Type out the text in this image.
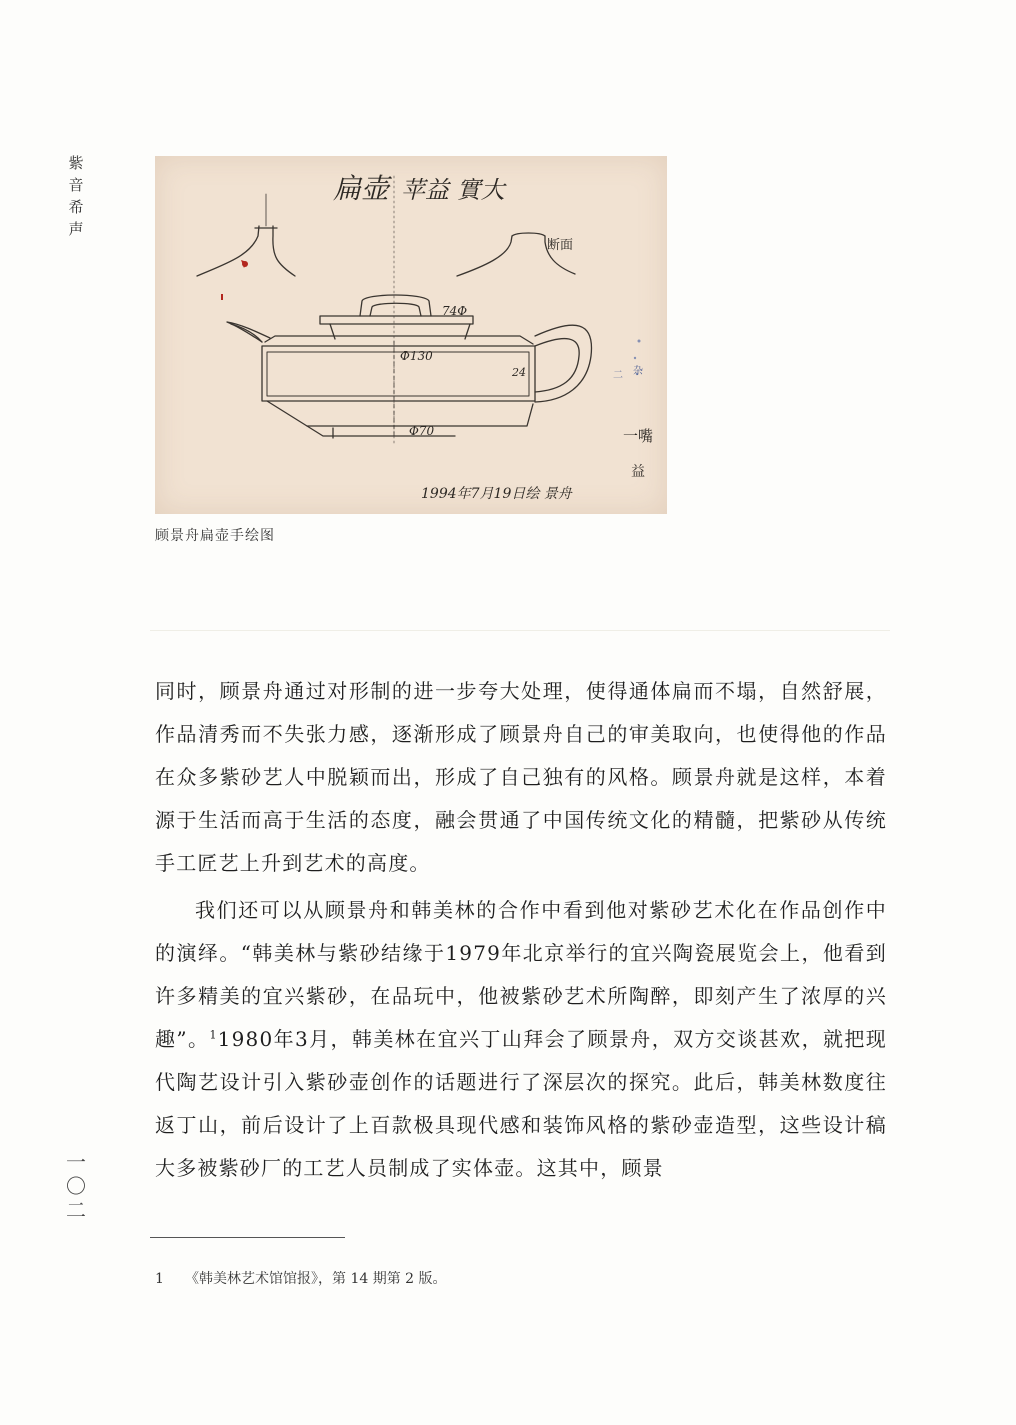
紫音希声
扁壶 苹益 實大
断面
74Φ
Φ130
24
Φ70
杂
二
一嘴
益
1994年7月19日绘 景舟
顾景舟扁壶手绘图

同时，顾景舟通过对形制的进一步夸大处理，使得通体扁而不塌，自然舒展，作品清秀而不失张力感，逐渐形成了顾景舟自己的审美取向，也使得他的作品在众多紫砂艺人中脱颖而出，形成了自己独有的风格。顾景舟就是这样，本着源于生活而高于生活的态度，融会贯通了中国传统文化的精髓，把紫砂从传统手工匠艺上升到艺术的高度。

我们还可以从顾景舟和韩美林的合作中看到他对紫砂艺术化在作品创作中的演绎。“韩美林与紫砂结缘于1979年北京举行的宜兴陶瓷展览会上，他看到许多精美的宜兴紫砂，在品玩中，他被紫砂艺术所陶醉，即刻产生了浓厚的兴趣”。$^1$1980年3月，韩美林在宜兴丁山拜会了顾景舟，双方交谈甚欢，就把现代陶艺设计引入紫砂壶创作的话题进行了深层次的探究。此后，韩美林数度往返丁山，前后设计了上百款极具现代感和装饰风格的紫砂壶造型，这些设计稿大多被紫砂厂的工艺人员制成了实体壶。这其中，顾景

一〇二
1 《韩美林艺术馆馆报》，第 14 期第 2 版。
